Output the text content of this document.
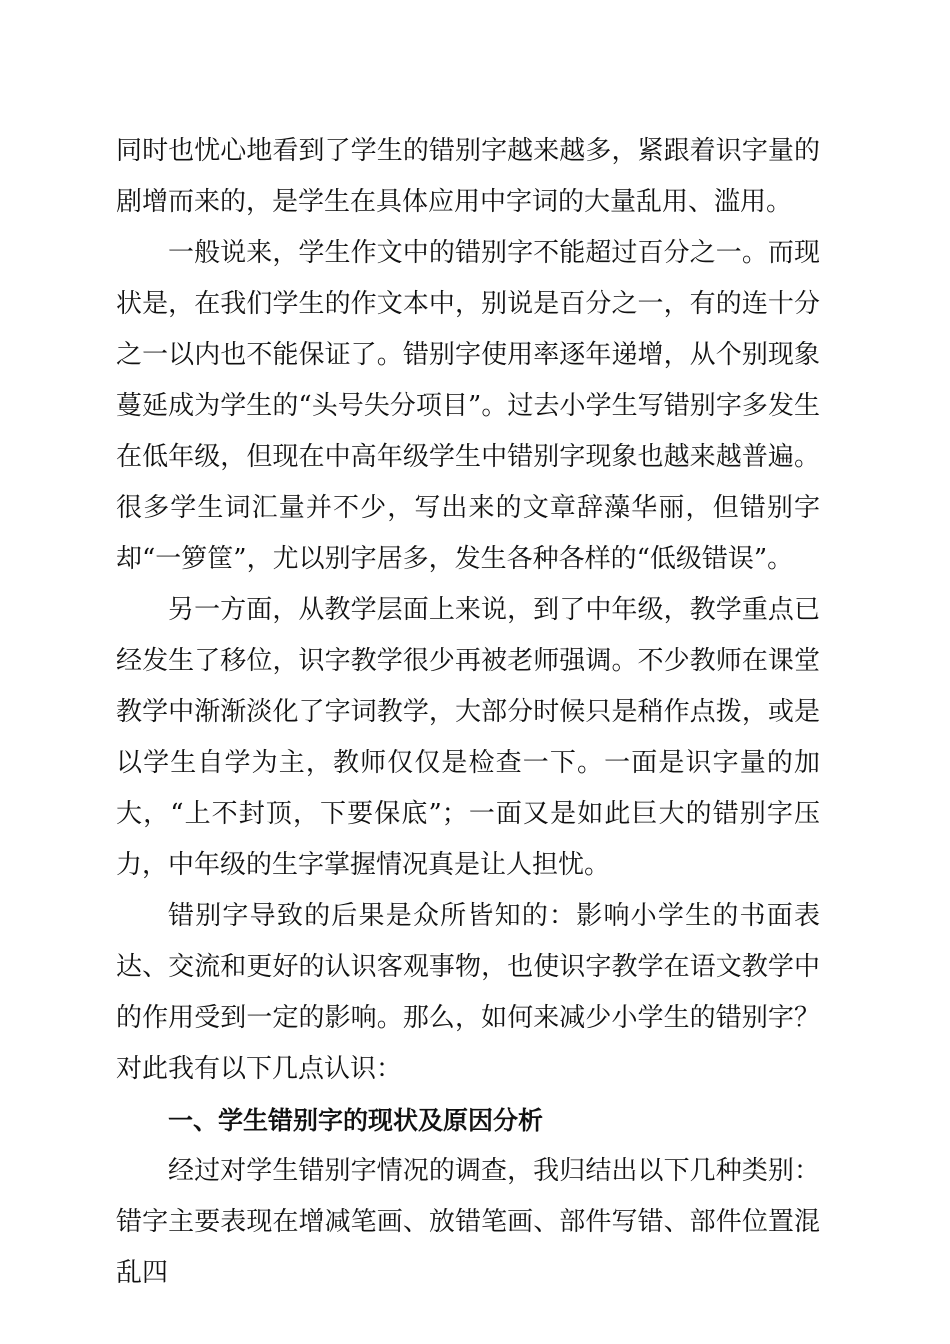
同时也忧心地看到了学生的错别字越来越多，紧跟着识字量的剧增而来的，是学生在具体应用中字词的大量乱用、滥用。

一般说来，学生作文中的错别字不能超过百分之一。而现状是，在我们学生的作文本中，别说是百分之一，有的连十分之一以内也不能保证了。错别字使用率逐年递增，从个别现象蔓延成为学生的“头号失分项目”。过去小学生写错别字多发生在低年级，但现在中高年级学生中错别字现象也越来越普遍。很多学生词汇量并不少，写出来的文章辞藻华丽，但错别字却“一箩筐”，尤以别字居多，发生各种各样的“低级错误”。

另一方面，从教学层面上来说，到了中年级，教学重点已经发生了移位，识字教学很少再被老师强调。不少教师在课堂教学中渐渐淡化了字词教学，大部分时候只是稍作点拨，或是以学生自学为主，教师仅仅是检查一下。一面是识字量的加大，“上不封顶，下要保底”；一面又是如此巨大的错别字压力，中年级的生字掌握情况真是让人担忧。

错别字导致的后果是众所皆知的：影响小学生的书面表达、交流和更好的认识客观事物，也使识字教学在语文教学中的作用受到一定的影响。那么，如何来减少小学生的错别字？对此我有以下几点认识：

一、学生错别字的现状及原因分析

经过对学生错别字情况的调查，我归结出以下几种类别：错字主要表现在增减笔画、放错笔画、部件写错、部件位置混乱四
